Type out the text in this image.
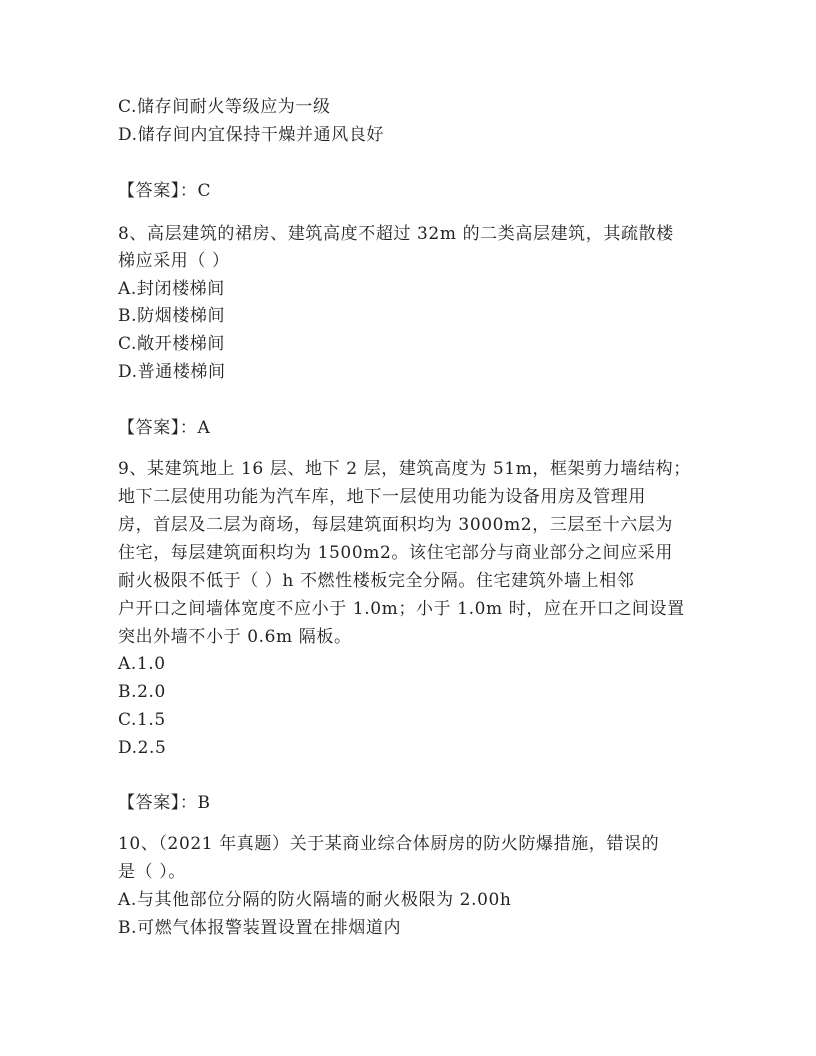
C.储存间耐火等级应为一级
D.储存间内宜保持干燥并通风良好
【答案】：C
8、高层建筑的裙房、建筑高度不超过 32m 的二类高层建筑，其疏散楼
梯应采用（ ）
A.封闭楼梯间
B.防烟楼梯间
C.敞开楼梯间
D.普通楼梯间
【答案】：A
9、某建筑地上 16 层、地下 2 层，建筑高度为 51m，框架剪力墙结构；
地下二层使用功能为汽车库，地下一层使用功能为设备用房及管理用
房，首层及二层为商场，每层建筑面积均为 3000m2，三层至十六层为
住宅，每层建筑面积均为 1500m2。该住宅部分与商业部分之间应采用
耐火极限不低于（ ）h 不燃性楼板完全分隔。住宅建筑外墙上相邻
户开口之间墙体宽度不应小于 1.0m；小于 1.0m 时，应在开口之间设置
突出外墙不小于 0.6m 隔板。
A.1.0
B.2.0
C.1.5
D.2.5
【答案】：B
10、（2021 年真题）关于某商业综合体厨房的防火防爆措施，错误的
是（ ）。
A.与其他部位分隔的防火隔墙的耐火极限为 2.00h
B.可燃气体报警装置设置在排烟道内
